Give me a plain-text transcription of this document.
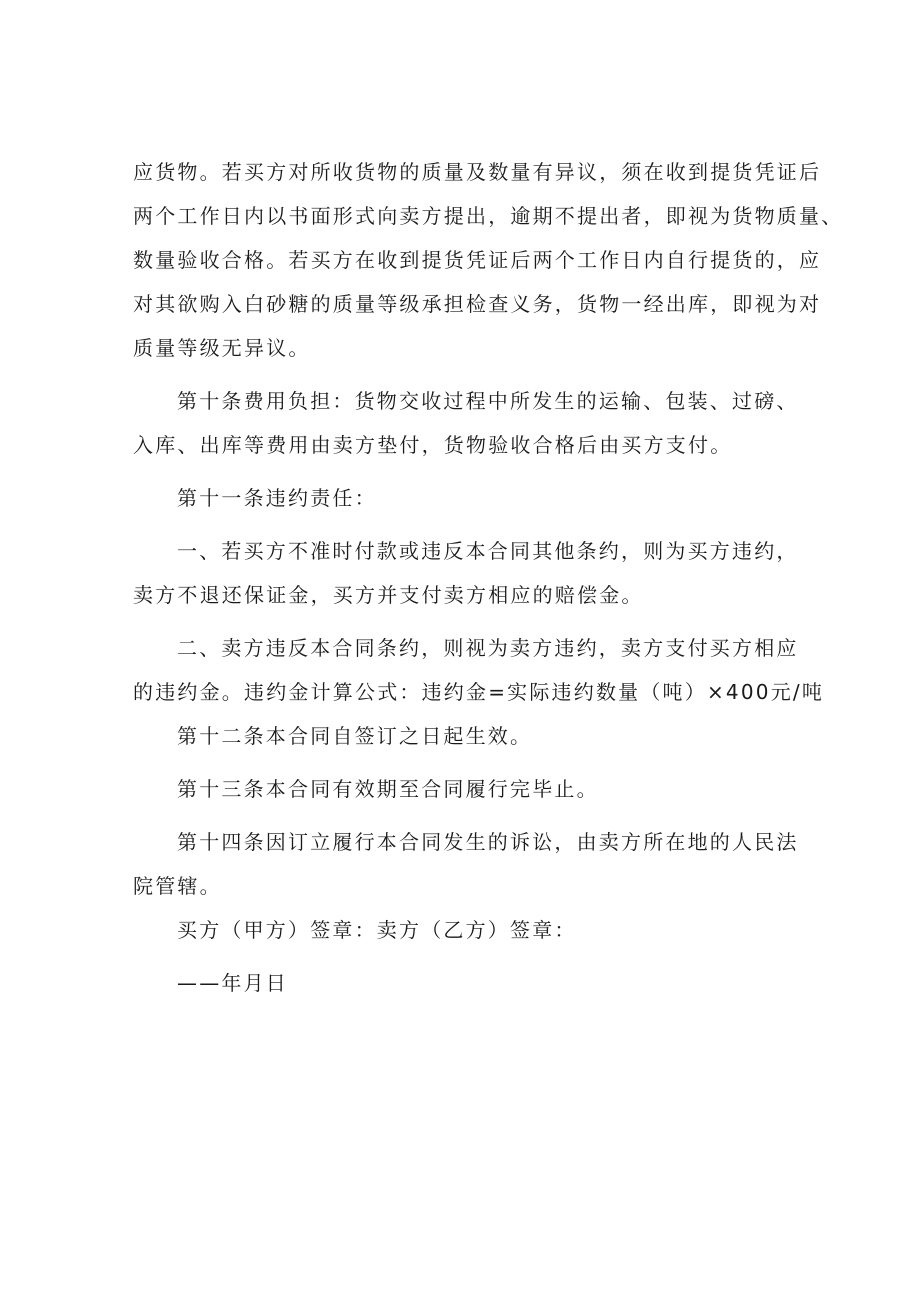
应货物。若买方对所收货物的质量及数量有异议，须在收到提货凭证后
两个工作日内以书面形式向卖方提出，逾期不提出者，即视为货物质量、
数量验收合格。若买方在收到提货凭证后两个工作日内自行提货的，应
对其欲购入白砂糖的质量等级承担检查义务，货物一经出库，即视为对
质量等级无异议。
第十条费用负担：货物交收过程中所发生的运输、包装、过磅、
入库、出库等费用由卖方垫付，货物验收合格后由买方支付。
第十一条违约责任：
一、若买方不准时付款或违反本合同其他条约，则为买方违约，
卖方不退还保证金，买方并支付卖方相应的赔偿金。
二、卖方违反本合同条约，则视为卖方违约，卖方支付买方相应
的违约金。违约金计算公式：违约金=实际违约数量（吨）×400元/吨
第十二条本合同自签订之日起生效。
第十三条本合同有效期至合同履行完毕止。
第十四条因订立履行本合同发生的诉讼，由卖方所在地的人民法
院管辖。
买方（甲方）签章：卖方（乙方）签章：
——年月日
